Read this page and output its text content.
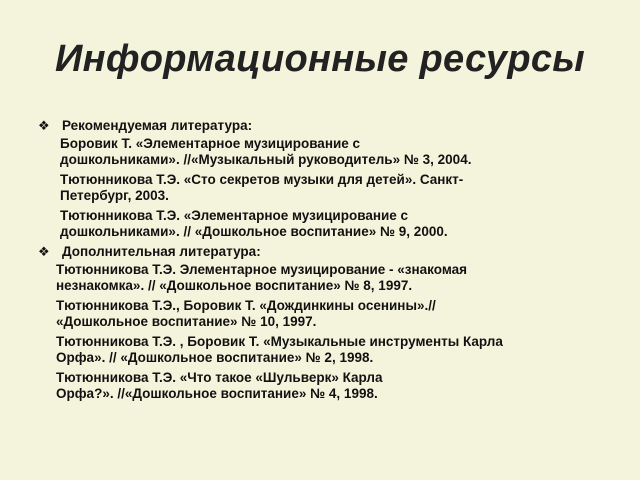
Информационные ресурсы
❖ Рекомендуемая литература:
Боровик Т. «Элементарное музицирование с
дошкольниками». //«Музыкальный руководитель» № 3, 2004.
Тютюнникова Т.Э. «Сто секретов музыки для детей». Санкт-
Петербург, 2003.
Тютюнникова Т.Э. «Элементарное музицирование с
дошкольниками». // «Дошкольное воспитание» № 9, 2000.
❖ Дополнительная литература:
Тютюнникова Т.Э. Элементарное музицирование - «знакомая
незнакомка». // «Дошкольное воспитание» № 8, 1997.
Тютюнникова Т.Э., Боровик Т. «Дождинкины осенины».//
«Дошкольное воспитание» № 10, 1997.
Тютюнникова Т.Э. , Боровик Т. «Музыкальные инструменты Карла
Орфа». // «Дошкольное воспитание» № 2, 1998.
Тютюнникова Т.Э. «Что такое «Шульверк» Карла
Орфа?». //«Дошкольное воспитание» № 4, 1998.
